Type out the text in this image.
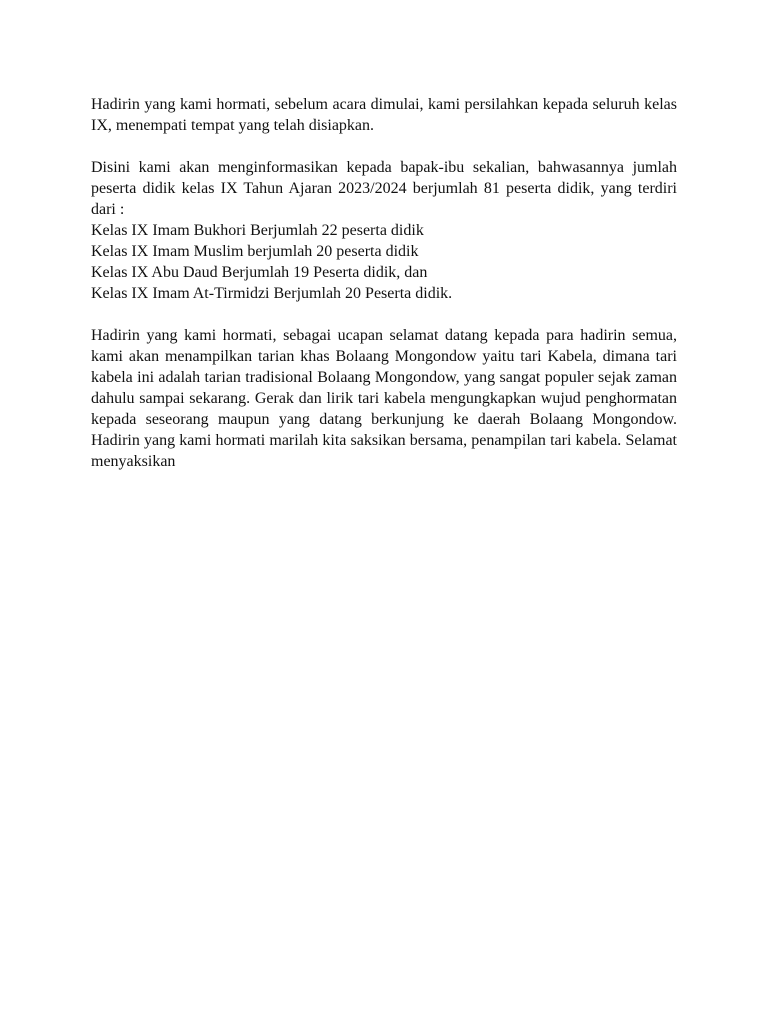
Hadirin yang kami hormati, sebelum acara dimulai, kami persilahkan kepada seluruh kelas IX, menempati tempat yang telah disiapkan.

Disini kami akan menginformasikan kepada bapak-ibu sekalian, bahwasannya jumlah peserta didik kelas IX Tahun Ajaran 2023/2024 berjumlah 81 peserta didik, yang terdiri dari :

Kelas IX Imam Bukhori Berjumlah 22 peserta didik
Kelas IX Imam Muslim berjumlah 20 peserta didik
Kelas IX Abu Daud Berjumlah 19 Peserta didik, dan
Kelas IX Imam At-Tirmidzi Berjumlah 20 Peserta didik.

Hadirin yang kami hormati, sebagai ucapan selamat datang kepada para hadirin semua, kami akan menampilkan tarian khas Bolaang Mongondow yaitu tari Kabela, dimana tari kabela ini adalah tarian tradisional Bolaang Mongondow, yang sangat populer sejak zaman dahulu sampai sekarang. Gerak dan lirik tari kabela mengungkapkan wujud penghormatan kepada seseorang maupun yang datang berkunjung ke daerah Bolaang Mongondow. Hadirin yang kami hormati marilah kita saksikan bersama, penampilan tari kabela. Selamat menyaksikan
